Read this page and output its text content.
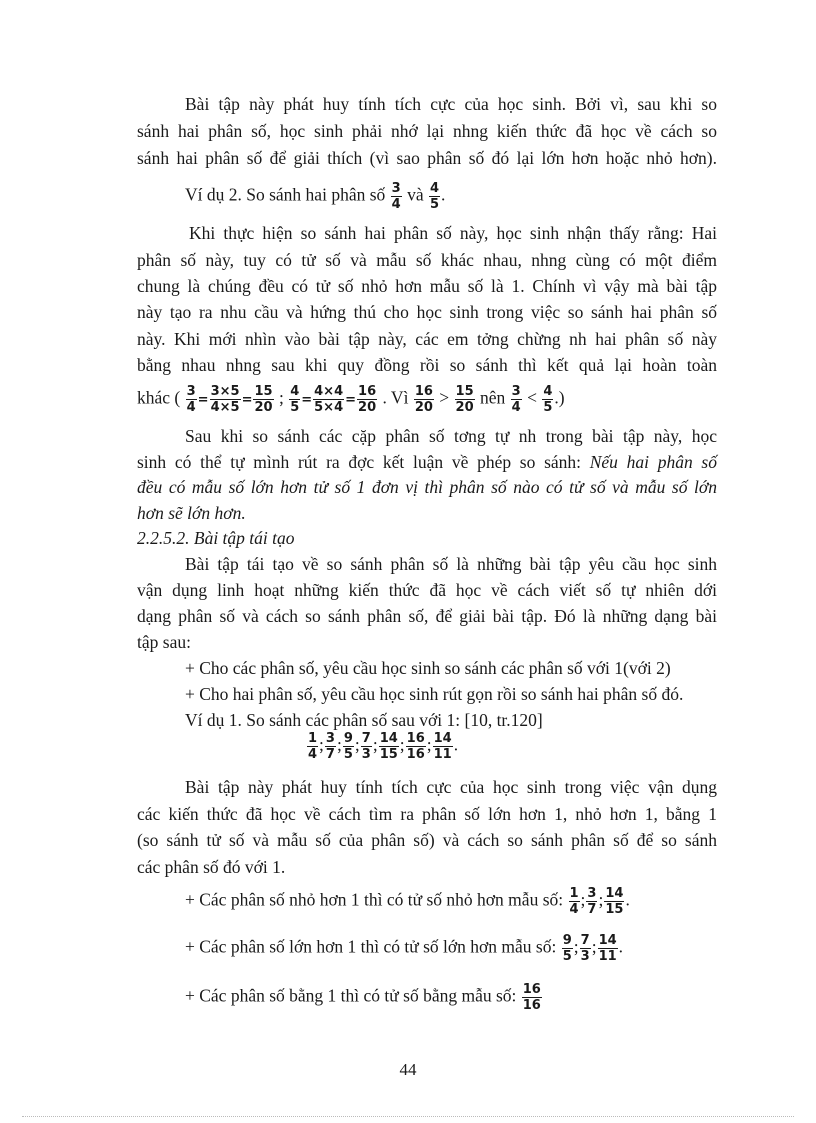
Bài tập này phát huy tính tích cực của học sinh. Bởi vì, sau khi so
sánh hai phân số, học sinh phải nhớ lại nhng kiến thức đã học về cách so
sánh hai phân số để giải thích (vì sao phân số đó lại lớn hơn hoặc nhỏ hơn).
Ví dụ 2. So sánh hai phân số $\frac{3}{4}$ và $\frac{4}{5}$ .
Khi thực hiện so sánh hai phân số này, học sinh nhận thấy rằng: Hai
phân số này, tuy có tử số và mẫu số khác nhau, nhng cùng có một điểm
chung là chúng đều có tử số nhỏ hơn mẫu số là 1. Chính vì vậy mà bài tập
này tạo ra nhu cầu và hứng thú cho học sinh trong việc so sánh hai phân số
này. Khi mới nhìn vào bài tập này, các em tởng chừng nh hai phân số này
bằng nhau nhng sau khi quy đồng rồi so sánh thì kết quả lại hoàn toàn
khác ( $\frac{3}{4} = \frac{3\times 5}{4\times 5} = \frac{15}{20}$ ; $\frac{4}{5} = \frac{4\times 4}{5\times 4} = \frac{16}{20}$ . Vì $\frac{16}{20} > \frac{15}{20}$ nên $\frac{3}{4} < \frac{4}{5}$ .)
Sau khi so sánh các cặp phân số tơng tự nh trong bài tập này, học
sinh có thể tự mình rút ra đợc kết luận về phép so sánh: Nếu hai phân số
đều có mẫu số lớn hơn tử số 1 đơn vị thì phân số nào có tử số và mẫu số lớn
hơn sẽ lớn hơn.
2.2.5.2. Bài tập tái tạo
Bài tập tái tạo về so sánh phân số là những bài tập yêu cầu học sinh
vận dụng linh hoạt những kiến thức đã học về cách viết số tự nhiên dới
dạng phân số và cách so sánh phân số, để giải bài tập. Đó là những dạng bài
tập sau:
+ Cho các phân số, yêu cầu học sinh so sánh các phân số với 1(với 2)
+ Cho hai phân số, yêu cầu học sinh rút gọn rồi so sánh hai phân số đó.
Ví dụ 1. So sánh các phân số sau với 1: [10, tr.120]
$\frac{1}{4}$ ; $\frac{3}{7}$ ; $\frac{9}{5}$ ; $\frac{7}{3}$ ; $\frac{14}{15}$ ; $\frac{16}{16}$ ; $\frac{14}{11}$ .
Bài tập này phát huy tính tích cực của học sinh trong việc vận dụng
các kiến thức đã học về cách tìm ra phân số lớn hơn 1, nhỏ hơn 1, bằng 1
(so sánh tử số và mẫu số của phân số) và cách so sánh phân số để so sánh
các phân số đó với 1.
+ Các phân số nhỏ hơn 1 thì có tử số nhỏ hơn mẫu số: $\frac{1}{4}$ ; $\frac{3}{7}$ ; $\frac{14}{15}$ .
+ Các phân số lớn hơn 1 thì có tử số lớn hơn mẫu số: $\frac{9}{5}$ ; $\frac{7}{3}$ ; $\frac{14}{11}$ .
+ Các phân số bằng 1 thì có tử số bằng mẫu số: $\frac{16}{16}$
44
